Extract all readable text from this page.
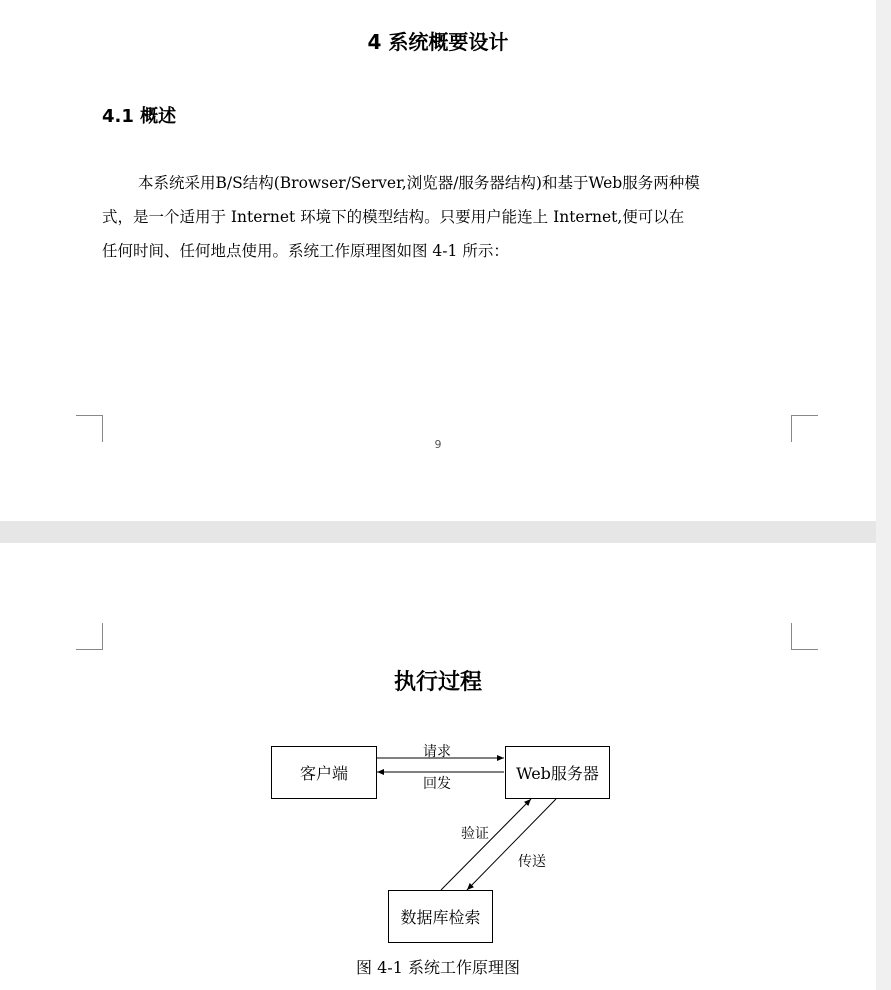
4 系统概要设计
4.1 概述
本系统采用B/S结构(Browser/Server,浏览器/服务器结构)和基于Web服务两种模
式，是一个适用于 Internet 环境下的模型结构。只要用户能连上 Internet,便可以在
任何时间、任何地点使用。系统工作原理图如图 4-1 所示：
9
执行过程
客户端	Web服务器
数据库检索
请求
回发
验证
传送
图 4-1 系统工作原理图
